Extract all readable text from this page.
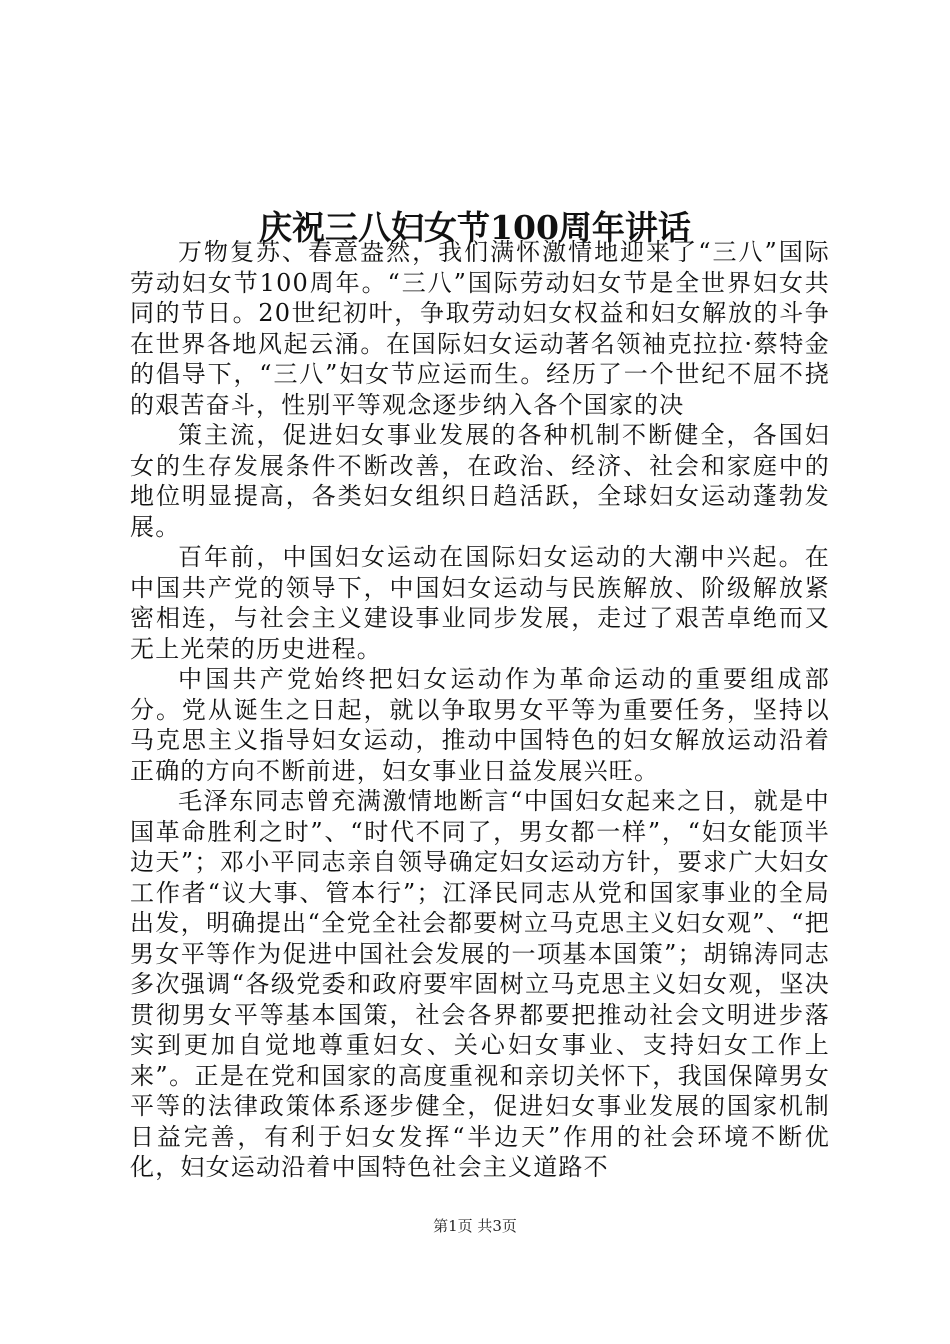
庆祝三八妇女节100周年讲话

万物复苏、春意盎然，我们满怀激情地迎来了“三八”国际劳动妇女节100周年。“三八”国际劳动妇女节是全世界妇女共同的节日。20世纪初叶，争取劳动妇女权益和妇女解放的斗争在世界各地风起云涌。在国际妇女运动著名领袖克拉拉·蔡特金的倡导下，“三八”妇女节应运而生。经历了一个世纪不屈不挠的艰苦奋斗，性别平等观念逐步纳入各个国家的决

策主流，促进妇女事业发展的各种机制不断健全，各国妇女的生存发展条件不断改善，在政治、经济、社会和家庭中的地位明显提高，各类妇女组织日趋活跃，全球妇女运动蓬勃发展。

百年前，中国妇女运动在国际妇女运动的大潮中兴起。在中国共产党的领导下，中国妇女运动与民族解放、阶级解放紧密相连，与社会主义建设事业同步发展，走过了艰苦卓绝而又无上光荣的历史进程。

中国共产党始终把妇女运动作为革命运动的重要组成部分。党从诞生之日起，就以争取男女平等为重要任务，坚持以马克思主义指导妇女运动，推动中国特色的妇女解放运动沿着正确的方向不断前进，妇女事业日益发展兴旺。

毛泽东同志曾充满激情地断言“中国妇女起来之日，就是中国革命胜利之时”、“时代不同了，男女都一样”，“妇女能顶半边天”；邓小平同志亲自领导确定妇女运动方针，要求广大妇女工作者“议大事、管本行”；江泽民同志从党和国家事业的全局出发，明确提出“全党全社会都要树立马克思主义妇女观”、“把男女平等作为促进中国社会发展的一项基本国策”；胡锦涛同志多次强调“各级党委和政府要牢固树立马克思主义妇女观，坚决贯彻男女平等基本国策，社会各界都要把推动社会文明进步落实到更加自觉地尊重妇女、关心妇女事业、支持妇女工作上来”。正是在党和国家的高度重视和亲切关怀下，我国保障男女平等的法律政策体系逐步健全，促进妇女事业发展的国家机制日益完善，有利于妇女发挥“半边天”作用的社会环境不断优化，妇女运动沿着中国特色社会主义道路不

第1页 共3页
